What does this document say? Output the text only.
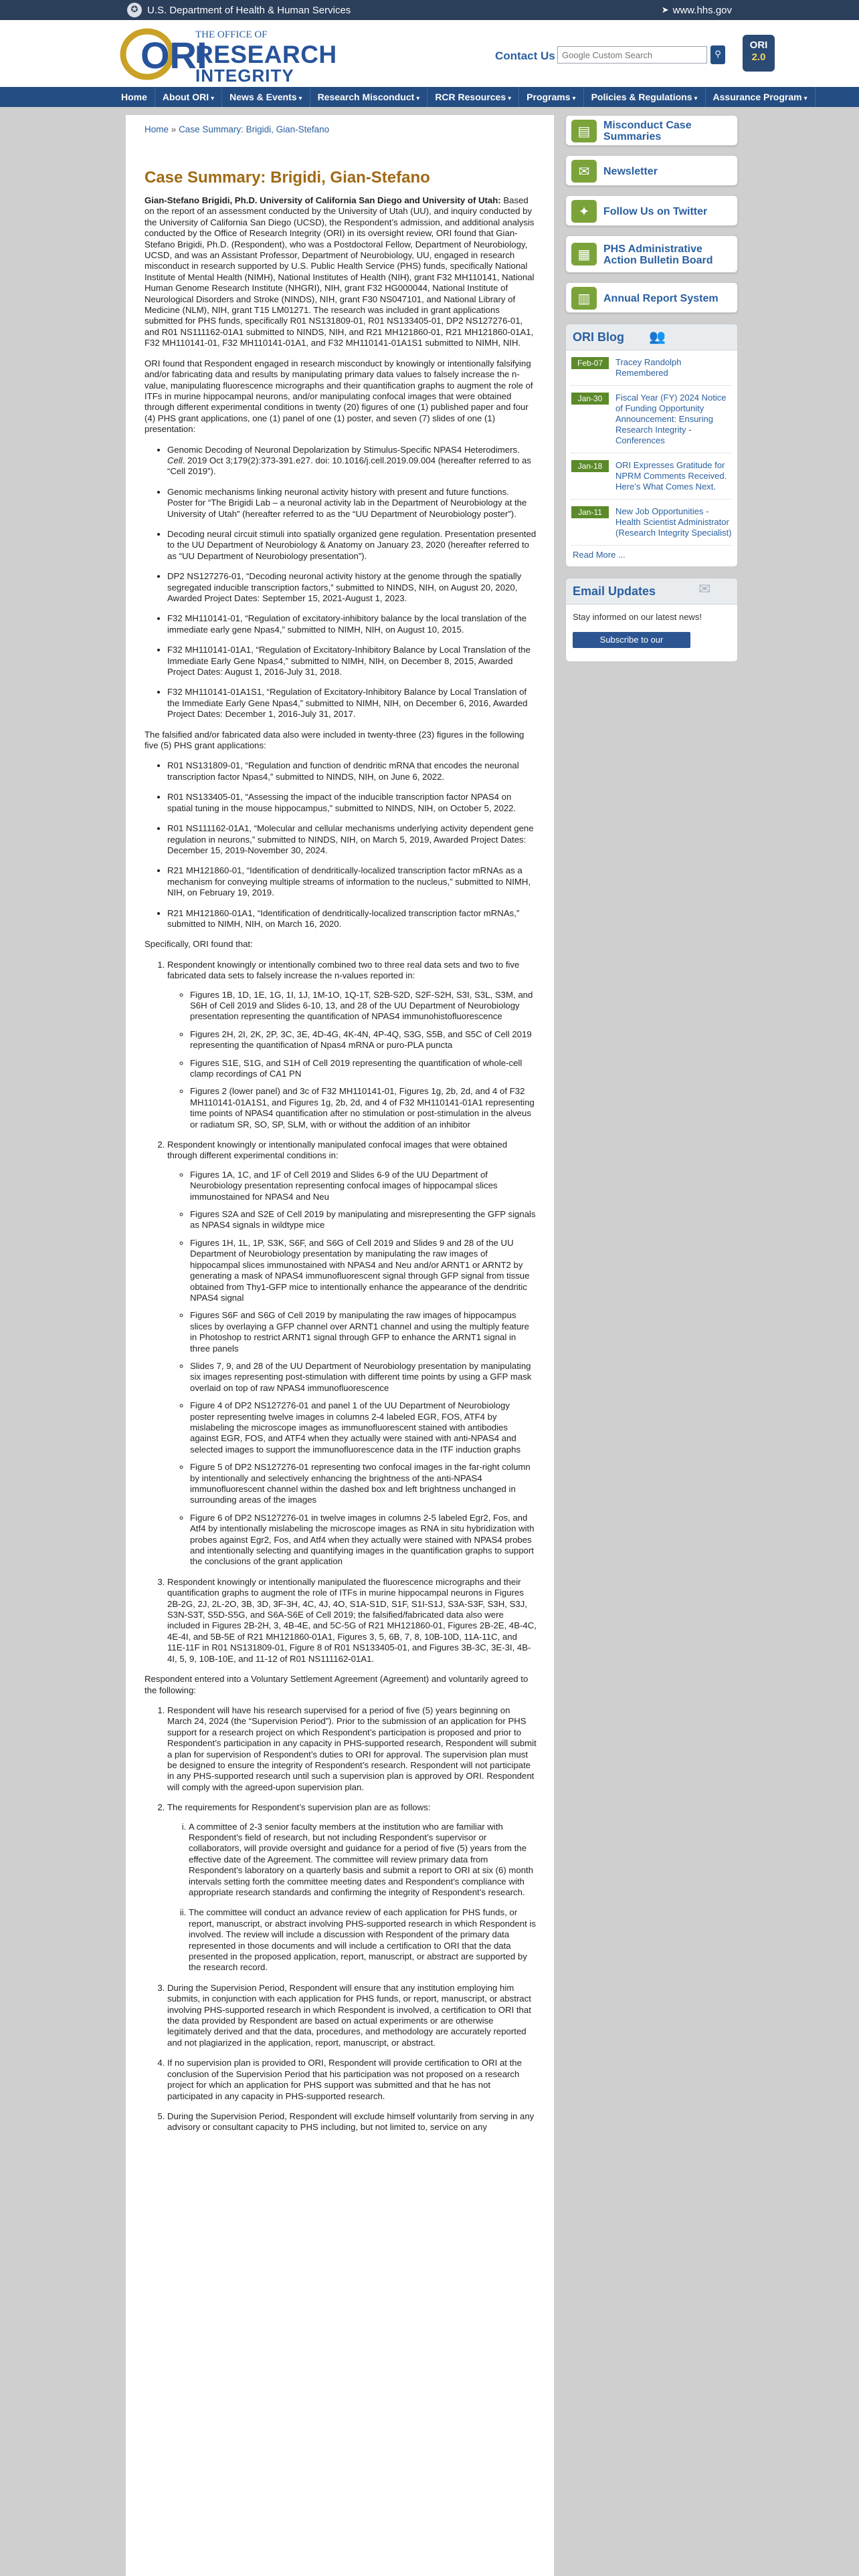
✪ U.S. Department of Health & Human Services	➤ www.hhs.gov
ORI
THE OFFICE OF
RESEARCH
INTEGRITY
Contact Us
Google Custom Search	⚲
ORI
2.0
Home	About ORI ▾	News & Events ▾	Research Misconduct ▾	RCR Resources ▾	Programs ▾	Policies & Regulations ▾	Assurance Program ▾
Home » Case Summary: Brigidi, Gian-Stefano
Case Summary: Brigidi, Gian-Stefano

Gian-Stefano Brigidi, Ph.D. University of California San Diego and University of Utah: Based on the report of an assessment conducted by the University of Utah (UU), and inquiry conducted by the University of California San Diego (UCSD), the Respondent’s admission, and additional analysis conducted by the Office of Research Integrity (ORI) in its oversight review, ORI found that Gian-Stefano Brigidi, Ph.D. (Respondent), who was a Postdoctoral Fellow, Department of Neurobiology, UCSD, and was an Assistant Professor, Department of Neurobiology, UU, engaged in research misconduct in research supported by U.S. Public Health Service (PHS) funds, specifically National Institute of Mental Health (NIMH), National Institutes of Health (NIH), grant F32 MH110141, National Human Genome Research Institute (NHGRI), NIH, grant F32 HG000044, National Institute of Neurological Disorders and Stroke (NINDS), NIH, grant F30 NS047101, and National Library of Medicine (NLM), NIH, grant T15 LM01271. The research was included in grant applications submitted for PHS funds, specifically R01 NS131809-01, R01 NS133405-01, DP2 NS127276-01, and R01 NS111162-01A1 submitted to NINDS, NIH, and R21 MH121860-01, R21 MH121860-01A1, F32 MH110141-01, F32 MH110141-01A1, and F32 MH110141-01A1S1 submitted to NIMH, NIH.

ORI found that Respondent engaged in research misconduct by knowingly or intentionally falsifying and/or fabricating data and results by manipulating primary data values to falsely increase the n-value, manipulating fluorescence micrographs and their quantification graphs to augment the role of ITFs in murine hippocampal neurons, and/or manipulating confocal images that were obtained through different experimental conditions in twenty (20) figures of one (1) published paper and four (4) PHS grant applications, one (1) panel of one (1) poster, and seven (7) slides of one (1) presentation:

• Genomic Decoding of Neuronal Depolarization by Stimulus-Specific NPAS4 Heterodimers. Cell. 2019 Oct 3;179(2):373-391.e27. doi: 10.1016/j.cell.2019.09.004 (hereafter referred to as “Cell 2019”).
• Genomic mechanisms linking neuronal activity history with present and future functions. Poster for “The Brigidi Lab – a neuronal activity lab in the Department of Neurobiology at the University of Utah” (hereafter referred to as the “UU Department of Neurobiology poster”).
• Decoding neural circuit stimuli into spatially organized gene regulation. Presentation presented to the UU Department of Neurobiology & Anatomy on January 23, 2020 (hereafter referred to as “UU Department of Neurobiology presentation”).
• DP2 NS127276-01, “Decoding neuronal activity history at the genome through the spatially segregated inducible transcription factors,” submitted to NINDS, NIH, on August 20, 2020, Awarded Project Dates: September 15, 2021-August 1, 2023.
• F32 MH110141-01, “Regulation of excitatory-inhibitory balance by the local translation of the immediate early gene Npas4,” submitted to NIMH, NIH, on August 10, 2015.
• F32 MH110141-01A1, “Regulation of Excitatory-Inhibitory Balance by Local Translation of the Immediate Early Gene Npas4,” submitted to NIMH, NIH, on December 8, 2015, Awarded Project Dates: August 1, 2016-July 31, 2018.
• F32 MH110141-01A1S1, “Regulation of Excitatory-Inhibitory Balance by Local Translation of the Immediate Early Gene Npas4,” submitted to NIMH, NIH, on December 6, 2016, Awarded Project Dates: December 1, 2016-July 31, 2017.

The falsified and/or fabricated data also were included in twenty-three (23) figures in the following five (5) PHS grant applications:

• R01 NS131809-01, “Regulation and function of dendritic mRNA that encodes the neuronal transcription factor Npas4,” submitted to NINDS, NIH, on June 6, 2022.
• R01 NS133405-01, “Assessing the impact of the inducible transcription factor NPAS4 on spatial tuning in the mouse hippocampus,” submitted to NINDS, NIH, on October 5, 2022.
• R01 NS111162-01A1, “Molecular and cellular mechanisms underlying activity dependent gene regulation in neurons,” submitted to NINDS, NIH, on March 5, 2019, Awarded Project Dates: December 15, 2019-November 30, 2024.
• R21 MH121860-01, “Identification of dendritically-localized transcription factor mRNAs as a mechanism for conveying multiple streams of information to the nucleus,” submitted to NIMH, NIH, on February 19, 2019.
• R21 MH121860-01A1, “Identification of dendritically-localized transcription factor mRNAs,” submitted to NIMH, NIH, on March 16, 2020.

Specifically, ORI found that:

1. Respondent knowingly or intentionally combined two to three real data sets and two to five fabricated data sets to falsely increase the n-values reported in:
◦ Figures 1B, 1D, 1E, 1G, 1I, 1J, 1M-1O, 1Q-1T, S2B-S2D, S2F-S2H, S3I, S3L, S3M, and S6H of Cell 2019 and Slides 6-10, 13, and 28 of the UU Department of Neurobiology presentation representing the quantification of NPAS4 immunohistofluorescence
◦ Figures 2H, 2I, 2K, 2P, 3C, 3E, 4D-4G, 4K-4N, 4P-4Q, S3G, S5B, and S5C of Cell 2019 representing the quantification of Npas4 mRNA or puro-PLA puncta
◦ Figures S1E, S1G, and S1H of Cell 2019 representing the quantification of whole-cell clamp recordings of CA1 PN
◦ Figures 2 (lower panel) and 3c of F32 MH110141-01, Figures 1g, 2b, 2d, and 4 of F32 MH110141-01A1S1, and Figures 1g, 2b, 2d, and 4 of F32 MH110141-01A1 representing time points of NPAS4 quantification after no stimulation or post-stimulation in the alveus or radiatum SR, SO, SP, SLM, with or without the addition of an inhibitor
2. Respondent knowingly or intentionally manipulated confocal images that were obtained through different experimental conditions in:
◦ Figures 1A, 1C, and 1F of Cell 2019 and Slides 6-9 of the UU Department of Neurobiology presentation representing confocal images of hippocampal slices immunostained for NPAS4 and Neu
◦ Figures S2A and S2E of Cell 2019 by manipulating and misrepresenting the GFP signals as NPAS4 signals in wildtype mice
◦ Figures 1H, 1L, 1P, S3K, S6F, and S6G of Cell 2019 and Slides 9 and 28 of the UU Department of Neurobiology presentation by manipulating the raw images of hippocampal slices immunostained with NPAS4 and Neu and/or ARNT1 or ARNT2 by generating a mask of NPAS4 immunofluorescent signal through GFP signal from tissue obtained from Thy1-GFP mice to intentionally enhance the appearance of the dendritic NPAS4 signal
◦ Figures S6F and S6G of Cell 2019 by manipulating the raw images of hippocampus slices by overlaying a GFP channel over ARNT1 channel and using the multiply feature in Photoshop to restrict ARNT1 signal through GFP to enhance the ARNT1 signal in three panels
◦ Slides 7, 9, and 28 of the UU Department of Neurobiology presentation by manipulating six images representing post-stimulation with different time points by using a GFP mask overlaid on top of raw NPAS4 immunofluorescence
◦ Figure 4 of DP2 NS127276-01 and panel 1 of the UU Department of Neurobiology poster representing twelve images in columns 2-4 labeled EGR, FOS, ATF4 by mislabeling the microscope images as immunofluorescent stained with antibodies against EGR, FOS, and ATF4 when they actually were stained with anti-NPAS4 and selected images to support the immunofluorescence data in the ITF induction graphs
◦ Figure 5 of DP2 NS127276-01 representing two confocal images in the far-right column by intentionally and selectively enhancing the brightness of the anti-NPAS4 immunofluorescent channel within the dashed box and left brightness unchanged in surrounding areas of the images
◦ Figure 6 of DP2 NS127276-01 in twelve images in columns 2-5 labeled Egr2, Fos, and Atf4 by intentionally mislabeling the microscope images as RNA in situ hybridization with probes against Egr2, Fos, and Atf4 when they actually were stained with NPAS4 probes and intentionally selecting and quantifying images in the quantification graphs to support the conclusions of the grant application
3. Respondent knowingly or intentionally manipulated the fluorescence micrographs and their quantification graphs to augment the role of ITFs in murine hippocampal neurons in Figures 2B-2G, 2J, 2L-2O, 3B, 3D, 3F-3H, 4C, 4J, 4O, S1A-S1D, S1F, S1I-S1J, S3A-S3F, S3H, S3J, S3N-S3T, S5D-S5G, and S6A-S6E of Cell 2019; the falsified/fabricated data also were included in Figures 2B-2H, 3, 4B-4E, and 5C-5G of R21 MH121860-01, Figures 2B-2E, 4B-4C, 4E-4I, and 5B-5E of R21 MH121860-01A1, Figures 3, 5, 6B, 7, 8, 10B-10D, 11A-11C, and 11E-11F in R01 NS131809-01, Figure 8 of R01 NS133405-01, and Figures 3B-3C, 3E-3I, 4B-4I, 5, 9, 10B-10E, and 11-12 of R01 NS111162-01A1.

Respondent entered into a Voluntary Settlement Agreement (Agreement) and voluntarily agreed to the following:

1. Respondent will have his research supervised for a period of five (5) years beginning on March 24, 2024 (the “Supervision Period”). Prior to the submission of an application for PHS support for a research project on which Respondent’s participation is proposed and prior to Respondent’s participation in any capacity in PHS-supported research, Respondent will submit a plan for supervision of Respondent’s duties to ORI for approval. The supervision plan must be designed to ensure the integrity of Respondent’s research. Respondent will not participate in any PHS-supported research until such a supervision plan is approved by ORI. Respondent will comply with the agreed-upon supervision plan.
2. The requirements for Respondent’s supervision plan are as follows:
i. A committee of 2-3 senior faculty members at the institution who are familiar with Respondent’s field of research, but not including Respondent’s supervisor or collaborators, will provide oversight and guidance for a period of five (5) years from the effective date of the Agreement. The committee will review primary data from Respondent’s laboratory on a quarterly basis and submit a report to ORI at six (6) month intervals setting forth the committee meeting dates and Respondent’s compliance with appropriate research standards and confirming the integrity of Respondent’s research.
ii. The committee will conduct an advance review of each application for PHS funds, or report, manuscript, or abstract involving PHS-supported research in which Respondent is involved. The review will include a discussion with Respondent of the primary data represented in those documents and will include a certification to ORI that the data presented in the proposed application, report, manuscript, or abstract are supported by the research record.
3. During the Supervision Period, Respondent will ensure that any institution employing him submits, in conjunction with each application for PHS funds, or report, manuscript, or abstract involving PHS-supported research in which Respondent is involved, a certification to ORI that the data provided by Respondent are based on actual experiments or are otherwise legitimately derived and that the data, procedures, and methodology are accurately reported and not plagiarized in the application, report, manuscript, or abstract.
4. If no supervision plan is provided to ORI, Respondent will provide certification to ORI at the conclusion of the Supervision Period that his participation was not proposed on a research project for which an application for PHS support was submitted and that he has not participated in any capacity in PHS-supported research.
5. During the Supervision Period, Respondent will exclude himself voluntarily from serving in any advisory or consultant capacity to PHS including, but not limited to, service on any
▤	Misconduct Case Summaries
✉	Newsletter
✦	Follow Us on Twitter
▦	PHS Administrative Action Bulletin Board
▥	Annual Report System
ORI Blog 👥
Feb-07	Tracey Randolph Remembered
Jan-30	Fiscal Year (FY) 2024 Notice of Funding Opportunity Announcement: Ensuring Research Integrity - Conferences
Jan-18	ORI Expresses Gratitude for NPRM Comments Received. Here’s What Comes Next.
Jan-11	New Job Opportunities - Health Scientist Administrator (Research Integrity Specialist)
Read More ...
Email Updates	✉
Stay informed on our latest news!
Subscribe to our
